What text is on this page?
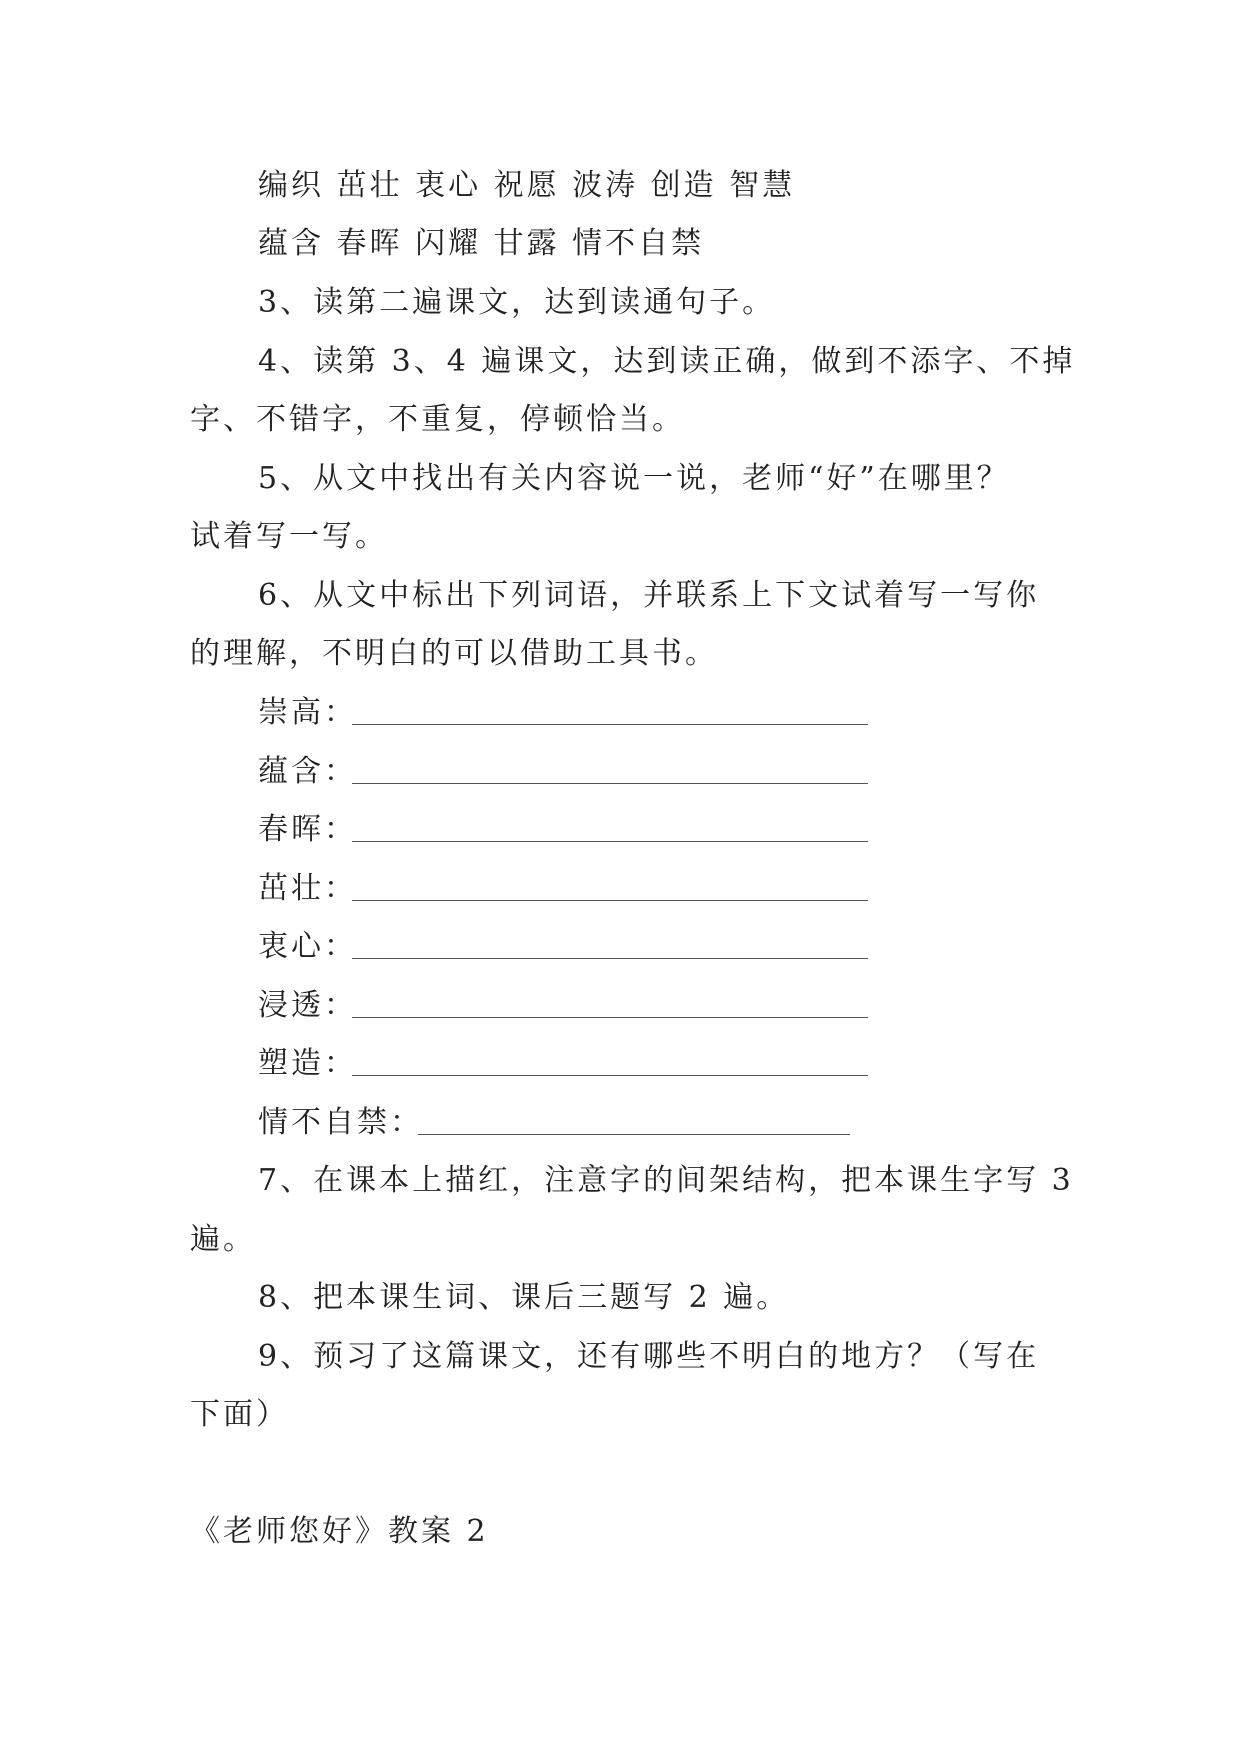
编织 茁壮 衷心 祝愿 波涛 创造 智慧
蕴含 春晖 闪耀 甘露 情不自禁
3、读第二遍课文，达到读通句子。
4、读第 3、4 遍课文，达到读正确，做到不添字、不掉
字、不错字，不重复，停顿恰当。
5、从文中找出有关内容说一说，老师“好”在哪里？
试着写一写。
6、从文中标出下列词语，并联系上下文试着写一写你
的理解，不明白的可以借助工具书。
崇高：
蕴含：
春晖：
茁壮：
衷心：
浸透：
塑造：
情不自禁：
7、在课本上描红，注意字的间架结构，把本课生字写 3
遍。
8、把本课生词、课后三题写 2 遍。
9、预习了这篇课文，还有哪些不明白的地方？（写在
下面）
《老师您好》教案 2
